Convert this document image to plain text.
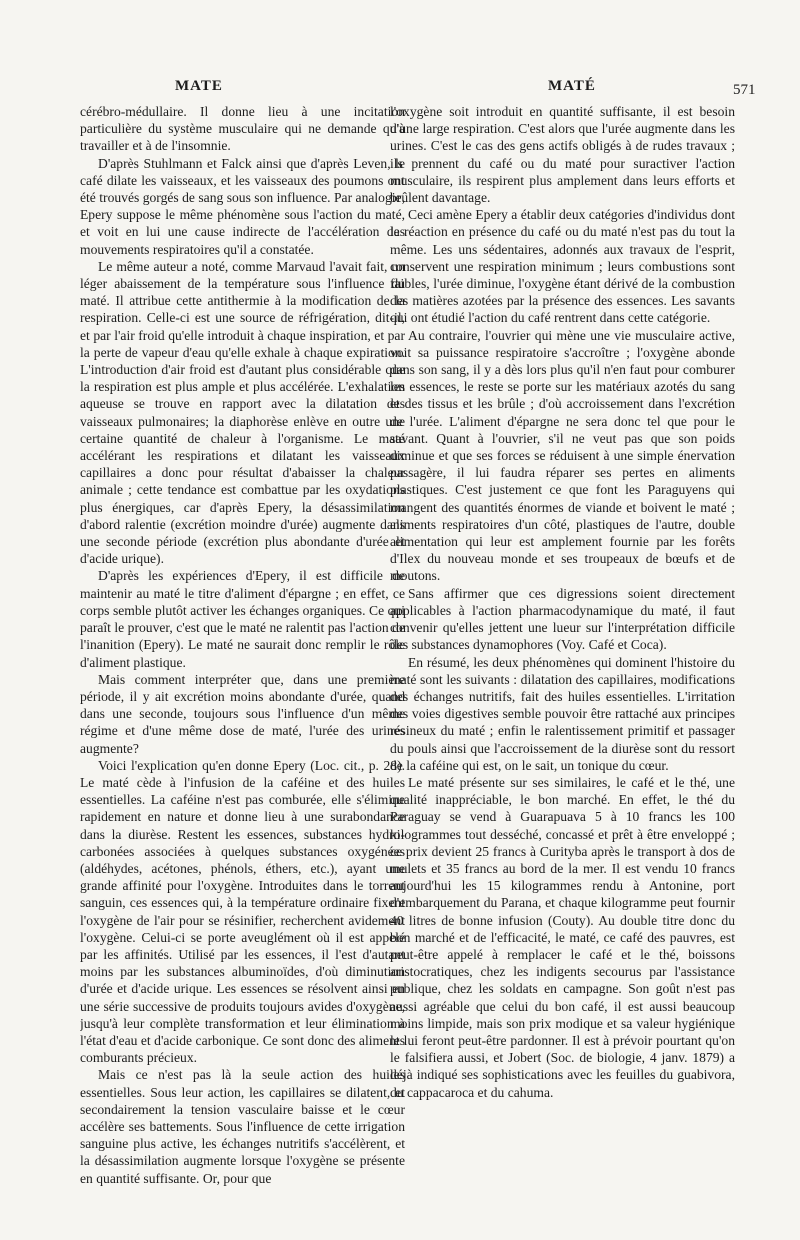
MATE	MATÉ	571

cérébro-médullaire. Il donne lieu à une incitation particulière du système musculaire qui ne demande qu'à travailler et à de l'insomnie.

D'après Stuhlmann et Falck ainsi que d'après Leven, le café dilate les vaisseaux, et les vaisseaux des poumons ont été trouvés gorgés de sang sous son influence. Par analogie, Epery suppose le même phénomène sous l'action du maté, et voit en lui une cause indirecte de l'accélération des mouvements respiratoires qu'il a constatée.

Le même auteur a noté, comme Marvaud l'avait fait, un léger abaissement de la température sous l'influence du maté. Il attribue cette antithermie à la modification de la respiration. Celle-ci est une source de réfrigération, dit-il, et par l'air froid qu'elle introduit à chaque inspiration, et par la perte de vapeur d'eau qu'elle exhale à chaque expiration. L'introduction d'air froid est d'autant plus considérable que la respiration est plus ample et plus accélérée. L'exhalation aqueuse se trouve en rapport avec la dilatation des vaisseaux pulmonaires; la diaphorèse enlève en outre une certaine quantité de chaleur à l'organisme. Le maté accélérant les respirations et dilatant les vaisseaux capillaires a donc pour résultat d'abaisser la chaleur animale ; cette tendance est combattue par les oxydations plus énergiques, car d'après Epery, la désassimilation d'abord ralentie (excrétion moindre d'urée) augmente dans une seconde période (excrétion plus abondante d'urée et d'acide urique).

D'après les expériences d'Epery, il est difficile de maintenir au maté le titre d'aliment d'épargne ; en effet, ce corps semble plutôt activer les échanges organiques. Ce qui paraît le prouver, c'est que le maté ne ralentit pas l'action de l'inanition (Epery). Le maté ne saurait donc remplir le rôle d'aliment plastique.

Mais comment interpréter que, dans une première période, il y ait excrétion moins abondante d'urée, quand dans une seconde, toujours sous l'influence d'un même régime et d'une même dose de maté, l'urée des urines augmente?

Voici l'explication qu'en donne Epery (Loc. cit., p. 28). Le maté cède à l'infusion de la caféine et des huiles essentielles. La caféine n'est pas comburée, elle s'élimine rapidement en nature et donne lieu à une surabondance dans la diurèse. Restent les essences, substances hydro-carbonées associées à quelques substances oxygénées (aldéhydes, acétones, phénols, éthers, etc.), ayant une grande affinité pour l'oxygène. Introduites dans le torrent sanguin, ces essences qui, à la température ordinaire fixent l'oxygène de l'air pour se résinifier, recherchent avidement l'oxygène. Celui-ci se porte aveuglément où il est appelé par les affinités. Utilisé par les essences, il l'est d'autant moins par les substances albuminoïdes, d'où diminution d'urée et d'acide urique. Les essences se résolvent ainsi en une série successive de produits toujours avides d'oxygène, jusqu'à leur complète transformation et leur élimination à l'état d'eau et d'acide carbonique. Ce sont donc des aliments comburants précieux.

Mais ce n'est pas là la seule action des huiles essentielles. Sous leur action, les capillaires se dilatent, et secondairement la tension vasculaire baisse et le cœur accélère ses battements. Sous l'influence de cette irrigation sanguine plus active, les échanges nutritifs s'accélèrent, et la désassimilation augmente lorsque l'oxygène se présente en quantité suffisante. Or, pour que

l'oxygène soit introduit en quantité suffisante, il est besoin d'une large respiration. C'est alors que l'urée augmente dans les urines. C'est le cas des gens actifs obligés à de rudes travaux ; ils prennent du café ou du maté pour suractiver l'action musculaire, ils respirent plus amplement dans leurs efforts et brûlent davantage.

Ceci amène Epery a établir deux catégories d'individus dont la réaction en présence du café ou du maté n'est pas du tout la même. Les uns sédentaires, adonnés aux travaux de l'esprit, conservent une respiration minimum ; leurs combustions sont faibles, l'urée diminue, l'oxygène étant dérivé de la combustion des matières azotées par la présence des essences. Les savants qui ont étudié l'action du café rentrent dans cette catégorie.

Au contraire, l'ouvrier qui mène une vie musculaire active, voit sa puissance respiratoire s'accroître ; l'oxygène abonde dans son sang, il y a dès lors plus qu'il n'en faut pour comburer les essences, le reste se porte sur les matériaux azotés du sang et des tissus et les brûle ; d'où accroissement dans l'excrétion de l'urée. L'aliment d'épargne ne sera donc tel que pour le savant. Quant à l'ouvrier, s'il ne veut pas que son poids diminue et que ses forces se réduisent à une simple énervation passagère, il lui faudra réparer ses pertes en aliments plastiques. C'est justement ce que font les Paraguyens qui mangent des quantités énormes de viande et boivent le maté ; aliments respiratoires d'un côté, plastiques de l'autre, double alimentation qui leur est amplement fournie par les forêts d'Ilex du nouveau monde et ses troupeaux de bœufs et de moutons.

Sans affirmer que ces digressions soient directement applicables à l'action pharmacodynamique du maté, il faut convenir qu'elles jettent une lueur sur l'interprétation difficile des substances dynamophores (Voy. Café et Coca).

En résumé, les deux phénomènes qui dominent l'histoire du maté sont les suivants : dilatation des capillaires, modifications des échanges nutritifs, fait des huiles essentielles. L'irritation des voies digestives semble pouvoir être rattaché aux principes résineux du maté ; enfin le ralentissement primitif et passager du pouls ainsi que l'accroissement de la diurèse sont du ressort de la caféine qui est, on le sait, un tonique du cœur.

Le maté présente sur ses similaires, le café et le thé, une qualité inappréciable, le bon marché. En effet, le thé du Paraguay se vend à Guarapuava 5 à 10 francs les 100 kilogrammes tout desséché, concassé et prêt à être enveloppé ; ce prix devient 25 francs à Curityba après le transport à dos de mulets et 35 francs au bord de la mer. Il est vendu 10 francs aujourd'hui les 15 kilogrammes rendu à Antonine, port d'embarquement du Parana, et chaque kilogramme peut fournir 40 litres de bonne infusion (Couty). Au double titre donc du bon marché et de l'efficacité, le maté, ce café des pauvres, est peut-être appelé à remplacer le café et le thé, boissons aristocratiques, chez les indigents secourus par l'assistance publique, chez les soldats en campagne. Son goût n'est pas aussi agréable que celui du bon café, il est aussi beaucoup moins limpide, mais son prix modique et sa valeur hygiénique le lui feront peut-être pardonner. Il est à prévoir pourtant qu'on le falsifiera aussi, et Jobert (Soc. de biologie, 4 janv. 1879) a déjà indiqué ses sophistications avec les feuilles du guabivora, du cappacaroca et du cahuma.
